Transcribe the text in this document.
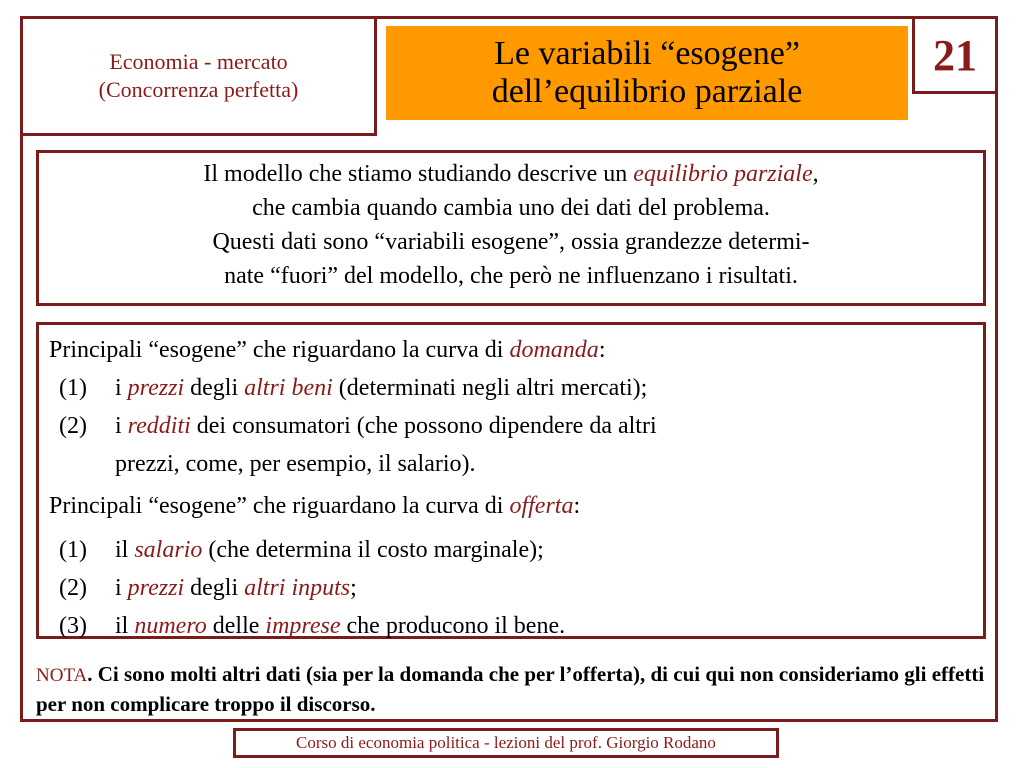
Economia - mercato
(Concorrenza perfetta)
Le variabili “esogene”
dell’equilibrio parziale
21
Il modello che stiamo studiando descrive un equilibrio parziale,
che cambia quando cambia uno dei dati del problema.
Questi dati sono “variabili esogene”, ossia grandezze determi-
nate “fuori” del modello, che però ne influenzano i risultati.
Principali “esogene” che riguardano la curva di domanda:
(1)	i prezzi degli altri beni (determinati negli altri mercati);
(2)	i redditi dei consumatori (che possono dipendere da altri
prezzi, come, per esempio, il salario).
Principali “esogene” che riguardano la curva di offerta:
(1)	il salario (che determina il costo marginale);
(2)	i prezzi degli altri inputs;
(3)	il numero delle imprese che producono il bene.
NOTA. Ci sono molti altri dati (sia per la domanda che per l’offerta), di cui qui non consideriamo gli effetti per non complicare troppo il discorso.
Corso di economia politica - lezioni del prof. Giorgio Rodano
